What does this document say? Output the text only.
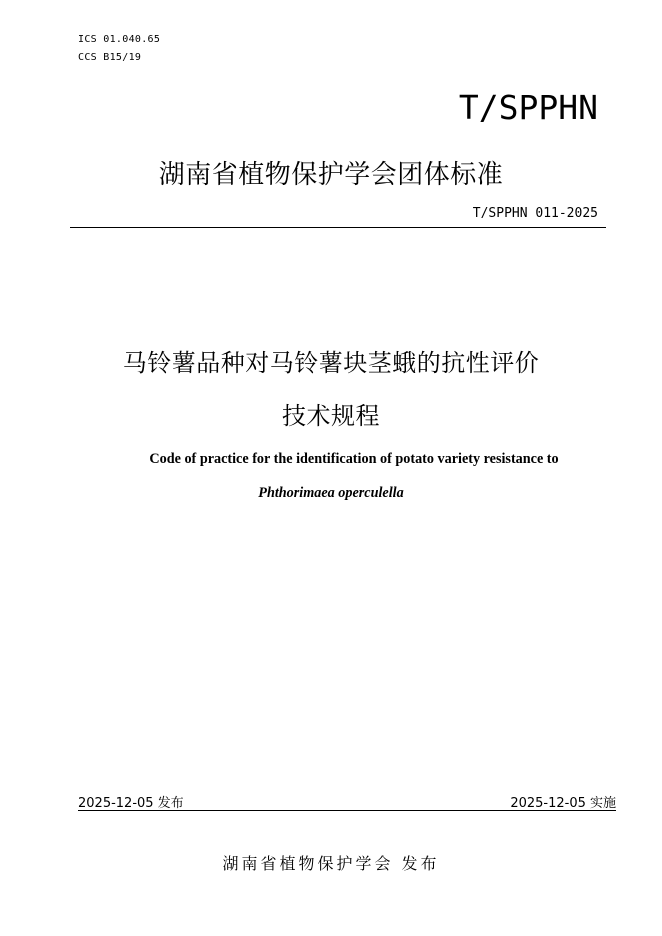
ICS 01.040.65
CCS B15/19
T/SPPHN
湖南省植物保护学会团体标准
T/SPPHN 011-2025
马铃薯品种对马铃薯块茎蛾的抗性评价
技术规程
Code of practice for the identification of potato variety resistance to
Phthorimaea operculella
2025-12-05 发布	2025-12-05 实施
湖南省植物保护学会 发布
